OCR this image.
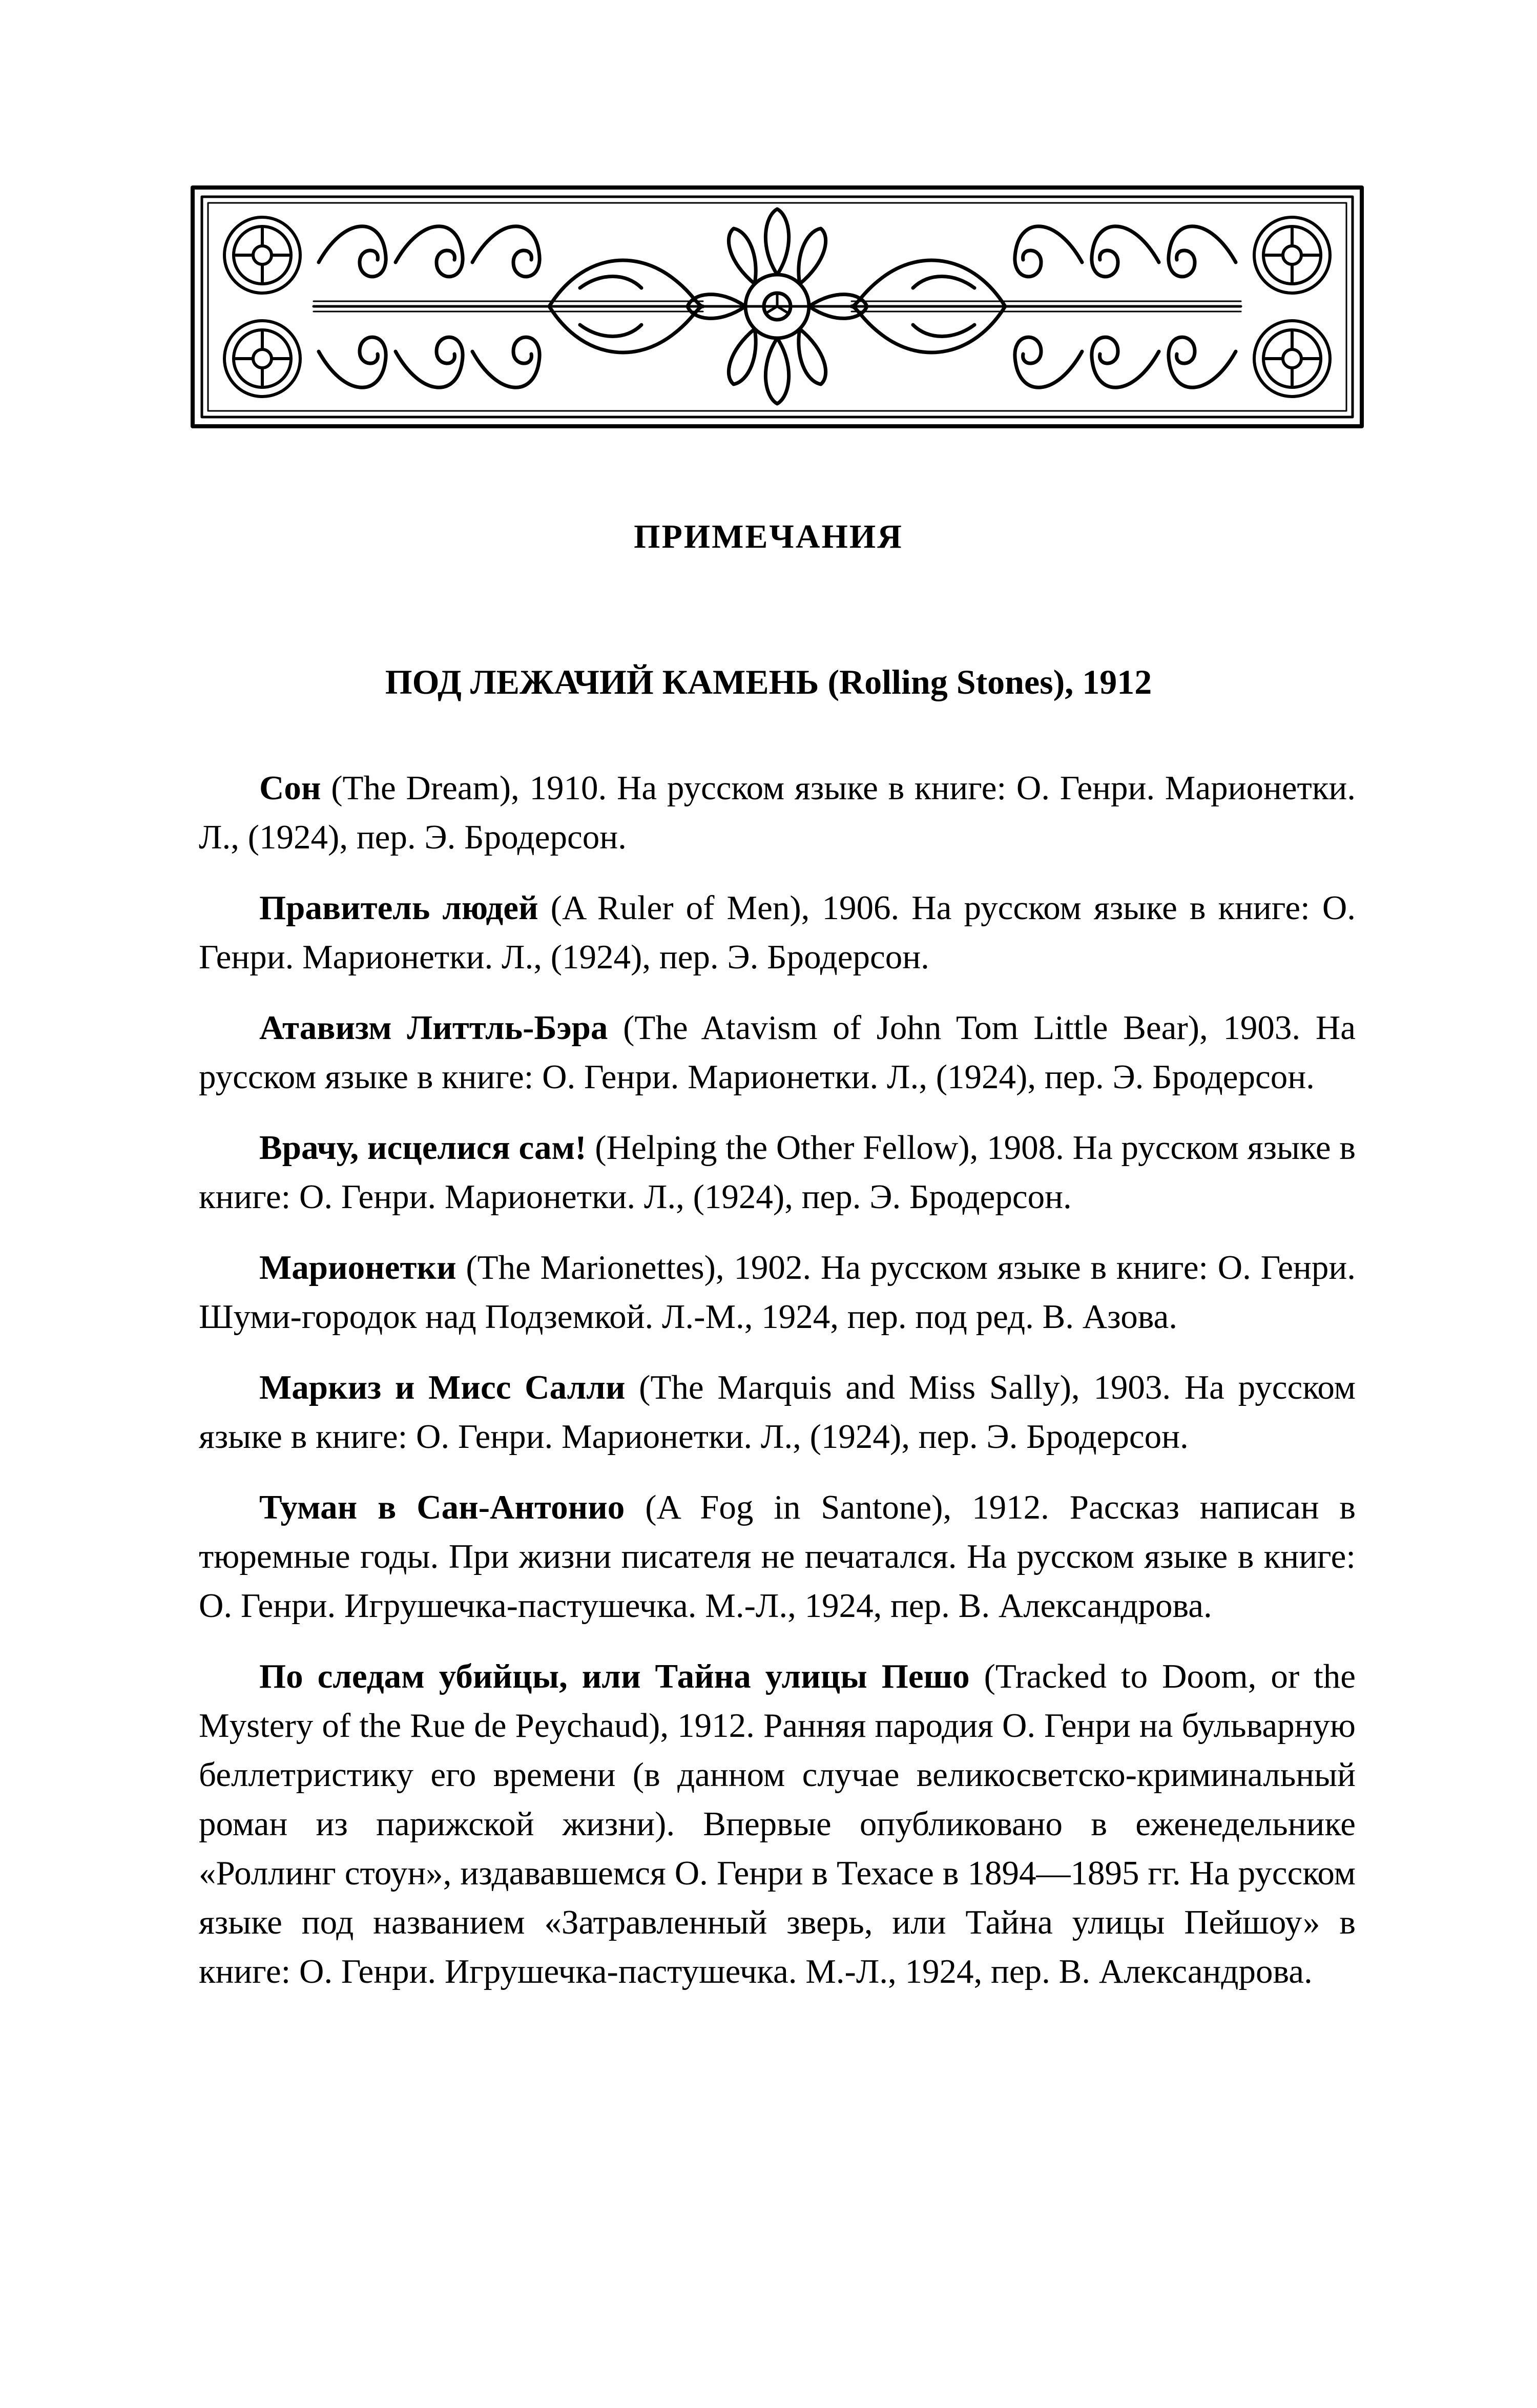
ПРИМЕЧАНИЯ
ПОД ЛЕЖАЧИЙ КАМЕНЬ (Rolling Stones), 1912

Сон (The Dream), 1910. На русском языке в книге: О. Генри. Марионетки. Л., (1924), пер. Э. Бродерсон.

Правитель людей (A Ruler of Men), 1906. На русском языке в книге: О. Генри. Марионетки. Л., (1924), пер. Э. Бродерсон.

Атавизм Литтль-Бэра (The Atavism of John Tom Little Bear), 1903. На русском языке в книге: О. Генри. Марионетки. Л., (1924), пер. Э. Бродерсон.

Врачу, исцелися сам! (Helping the Other Fellow), 1908. На русском языке в книге: О. Генри. Марионетки. Л., (1924), пер. Э. Бродерсон.

Марионетки (The Marionettes), 1902. На русском языке в книге: О. Генри. Шуми-городок над Подземкой. Л.-М., 1924, пер. под ред. В. Азова.

Маркиз и Мисс Салли (The Marquis and Miss Sally), 1903. На русском языке в книге: О. Генри. Марионетки. Л., (1924), пер. Э. Бродерсон.

Туман в Сан-Антонио (A Fog in Santone), 1912. Рассказ написан в тюремные годы. При жизни писателя не печатался. На русском языке в книге: О. Генри. Игрушечка-пастушечка. М.-Л., 1924, пер. В. Александрова.

По следам убийцы, или Тайна улицы Пешо (Tracked to Doom, or the Mystery of the Rue de Peychaud), 1912. Ранняя пародия О. Генри на бульварную беллетристику его времени (в данном случае великосветско-криминальный роман из парижской жизни). Впервые опубликовано в еженедельнике «Роллинг стоун», издававшемся О. Генри в Техасе в 1894—1895 гг. На русском языке под названием «Затравленный зверь, или Тайна улицы Пейшоу» в книге: О. Генри. Игрушечка-пастушечка. М.-Л., 1924, пер. В. Александрова.
